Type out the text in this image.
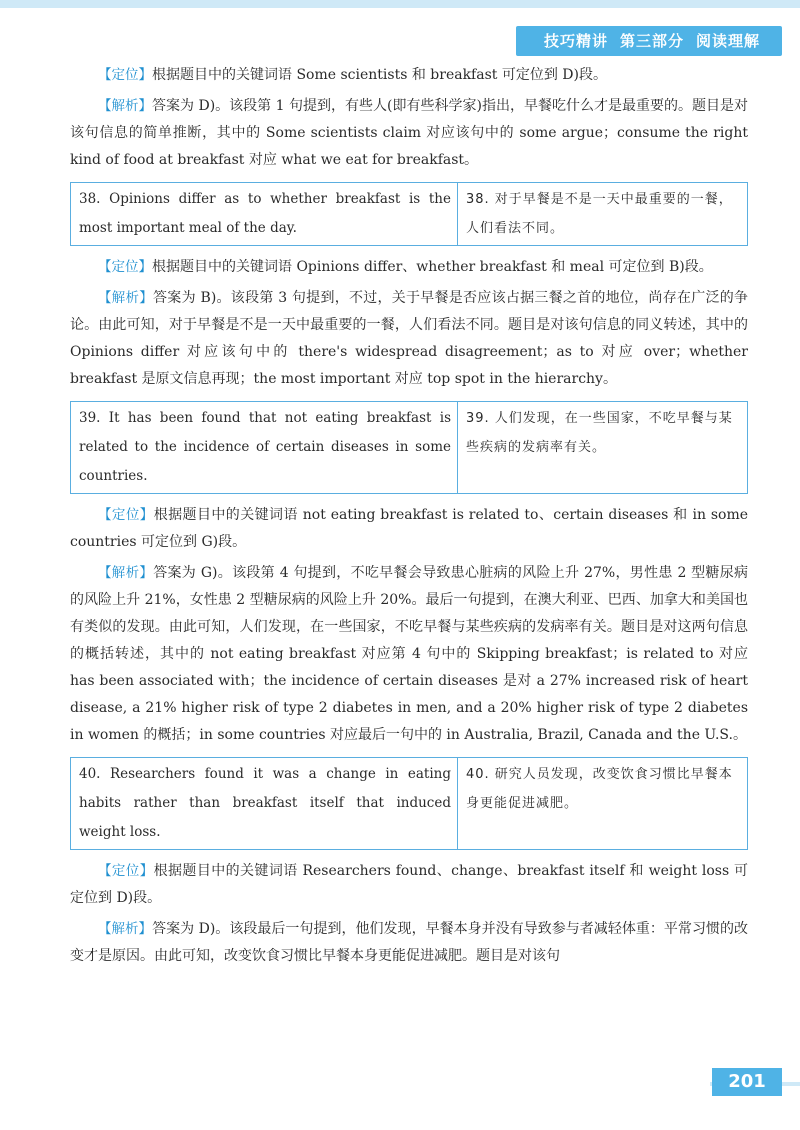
技巧精讲 第三部分 阅读理解

【定位】根据题目中的关键词语 Some scientists 和 breakfast 可定位到 D)段。

【解析】答案为 D)。该段第 1 句提到，有些人(即有些科学家)指出，早餐吃什么才是最重要的。题目是对该句信息的简单推断，其中的 Some scientists claim 对应该句中的 some argue；consume the right kind of food at breakfast 对应 what we eat for breakfast。

38. Opinions differ as to whether breakfast is the most important meal of the day.
38. 对于早餐是不是一天中最重要的一餐，人们看法不同。

【定位】根据题目中的关键词语 Opinions differ、whether breakfast 和 meal 可定位到 B)段。

【解析】答案为 B)。该段第 3 句提到，不过，关于早餐是否应该占据三餐之首的地位，尚存在广泛的争论。由此可知，对于早餐是不是一天中最重要的一餐，人们看法不同。题目是对该句信息的同义转述，其中的 Opinions differ 对应该句中的 there's widespread disagreement；as to 对应 over；whether breakfast 是原文信息再现；the most important 对应 top spot in the hierarchy。

39. It has been found that not eating breakfast is related to the incidence of certain diseases in some countries.
39. 人们发现，在一些国家，不吃早餐与某些疾病的发病率有关。

【定位】根据题目中的关键词语 not eating breakfast is related to、certain diseases 和 in some countries 可定位到 G)段。

【解析】答案为 G)。该段第 4 句提到，不吃早餐会导致患心脏病的风险上升 27%，男性患 2 型糖尿病的风险上升 21%，女性患 2 型糖尿病的风险上升 20%。最后一句提到，在澳大利亚、巴西、加拿大和美国也有类似的发现。由此可知，人们发现，在一些国家，不吃早餐与某些疾病的发病率有关。题目是对这两句信息的概括转述，其中的 not eating breakfast 对应第 4 句中的 Skipping breakfast；is related to 对应 has been associated with；the incidence of certain diseases 是对 a 27% increased risk of heart disease, a 21% higher risk of type 2 diabetes in men, and a 20% higher risk of type 2 diabetes in women 的概括；in some countries 对应最后一句中的 in Australia, Brazil, Canada and the U.S.。

40. Researchers found it was a change in eating habits rather than breakfast itself that induced weight loss.
40. 研究人员发现，改变饮食习惯比早餐本身更能促进减肥。

【定位】根据题目中的关键词语 Researchers found、change、breakfast itself 和 weight loss 可定位到 D)段。

【解析】答案为 D)。该段最后一句提到，他们发现，早餐本身并没有导致参与者减轻体重：平常习惯的改变才是原因。由此可知，改变饮食习惯比早餐本身更能促进减肥。题目是对该句

201
